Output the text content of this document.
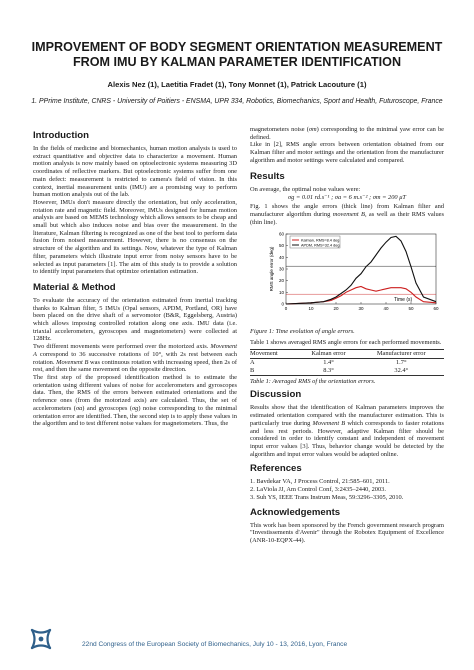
IMPROVEMENT OF BODY SEGMENT ORIENTATION MEASUREMENT FROM IMU BY KALMAN PARAMETER IDENTIFICATION
Alexis Nez (1), Laetitia Fradet (1), Tony Monnet (1), Patrick Lacouture (1)
1. PPrime Institute, CNRS - University of Poitiers - ENSMA, UPR 334, Robotics, Biomechanics, Sport and Health, Futuroscope, France
Introduction

In the fields of medicine and biomechanics, human motion analysis is used to extract quantitative and objective data to characterize a movement. Human motion analysis is now mainly based on optoelectronic systems measuring 3D coordinates of reflective markers. But optoelectronic systems suffer from one main defect: measurement is restricted to camera's field of vision. In this context, inertial measurement units (IMU) are a promising way to perform human motion analysis out of the lab.

However, IMUs don't measure directly the orientation, but only acceleration, rotation rate and magnetic field. Moreover, IMUs designed for human motion analysis are based on MEMS technology which allows sensors to be cheap and small but which also induces noise and bias over the measurement. In the literature, Kalman filtering is recognized as one of the best tool to perform data fusion from noised measurement. However, there is no consensus on the structure of the algorithm and its settings. Now, whatever the type of Kalman filter, parameters which illustrate input error from noisy sensors have to be selected as input parameters [1]. The aim of this study is to provide a solution to identify input parameters that optimize orientation estimation.

Material & Method

To evaluate the accuracy of the orientation estimated from inertial tracking thanks to Kalman filter, 5 IMUs (Opal sensors, APDM, Portland, OR) have been placed on the drive shaft of a servomotor (B&R, Eggelsberg, Austria) which allows imposing controlled rotation along one axis. IMU data (i.e. triaxial accelerometers, gyroscopes and magnetometers) were collected at 128Hz.

Two different movements were performed over the motorized axis. Movement A correspond to 36 successive rotations of 10°, with 2s rest between each rotation. Movement B was continuous rotation with increasing speed, then 2s of rest, and then the same movement on the opposite direction.

The first step of the proposed identification method is to estimate the orientation using different values of noise for accelerometers and gyroscopes data. Then, the RMS of the errors between estimated orientations and the reference ones (from the motorized axis) are calculated. Thus, the set of accelerometers (σa) and gyroscopes (σg) noise corresponding to the minimal orientation error are identified. Then, the second step is to apply these values in the algorithm and to test different noise values for magnetometers. Thus, the

magnetometers noise (σm) corresponding to the minimal yaw error can be defined.

Like in [2], RMS angle errors between orientation obtained from our Kalman filter and motor settings and the orientation from the manufacturer algorithm and motor settings were calculated and compared.

Results

On average, the optimal noise values were:

σg = 0.01 rd.s⁻¹ ; σa = 6 m.s⁻² ; σm = 200 μT

Fig. 1 shows the angle errors (thick line) from Kalman filter and manufacturer algorithm during movement B, as well as their RMS values (thin line).

0	10	20	30	40	50	60
0
10
20
30
40
50
60
Time (s)
RMS angle error (deg)
Kalman, RMS=8.4 deg
APDM, RMS=32.4 deg
Figure 1: Time evolution of angle errors.

Table 1 shows averaged RMS angle errors for each performed movements.

Movement	Kalman error	Manufacturer error
A	1.4°	1.7°
B	8.3°	32.4°
Table 1: Averaged RMS of the orientation errors.
Discussion

Results show that the identification of Kalman parameters improves the estimated orientation compared with the manufacturer estimation. This is particularly true during Movement B which corresponds to faster rotations and less rest periods. However, adaptive Kalman filter should be considered in order to identify constant and independent of movement input error values [3]. Thus, behavior change would be detected by the algorithm and input error values would be adapted online.

References
1. Bavdekar VA, J Process Control, 21:585–601, 2011.
2. LaViola JJ, Am Control Conf, 3:2435–2440, 2003.
3. Suh YS, IEEE Trans Instrum Meas, 59:3296–3305, 2010.
Acknowledgements

This work has been sponsored by the French government research program "Investissements d'Avenir" through the Robotex Equipment of Excellence (ANR-10-EQPX-44).

22nd Congress of the European Society of Biomechanics, July 10 - 13, 2016, Lyon, France
